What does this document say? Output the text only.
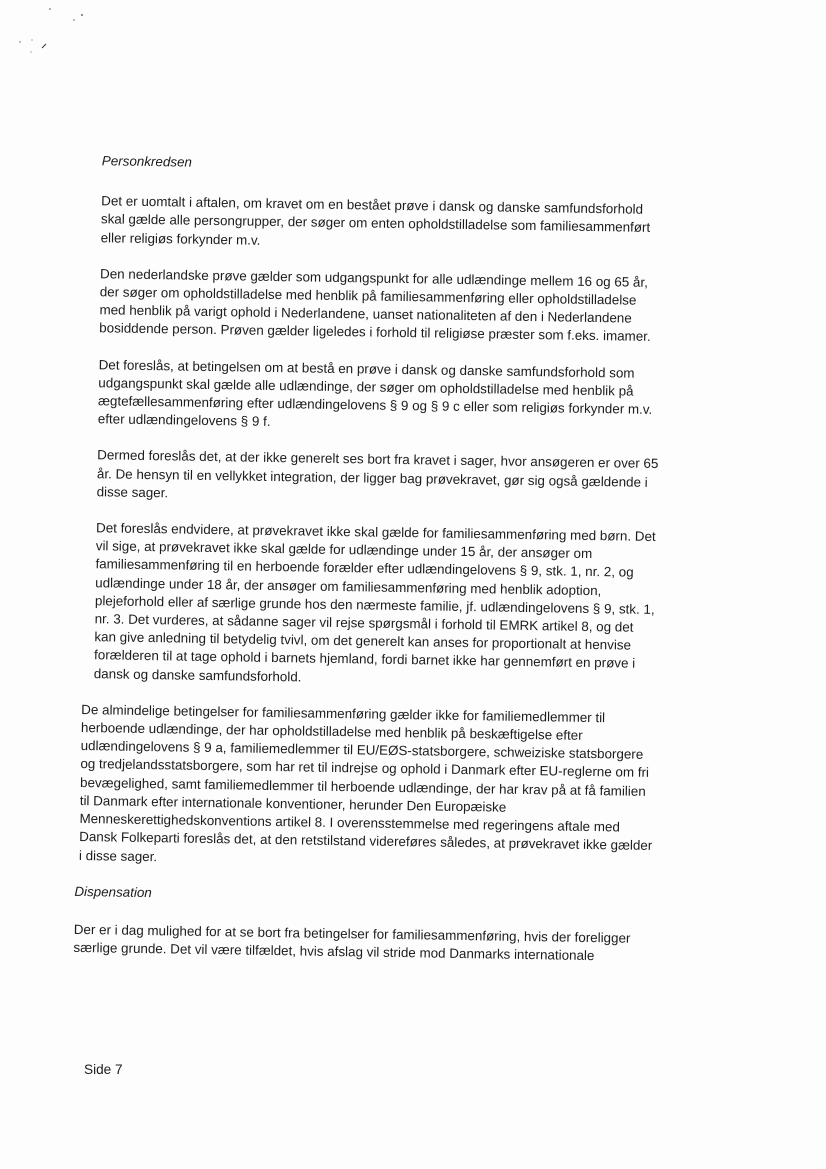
Personkredsen
Det er uomtalt i aftalen, om kravet om en bestået prøve i dansk og danske samfundsforhold skal gælde alle persongrupper, der søger om enten opholdstilladelse som familiesammenført eller religiøs forkynder m.v.
Den nederlandske prøve gælder som udgangspunkt for alle udlændinge mellem 16 og 65 år, der søger om opholdstilladelse med henblik på familiesammenføring eller opholdstilladelse med henblik på varigt ophold i Nederlandene, uanset nationaliteten af den i Nederlandene bosiddende person. Prøven gælder ligeledes i forhold til religiøse præster som f.eks. imamer.
Det foreslås, at betingelsen om at bestå en prøve i dansk og danske samfundsforhold som udgangspunkt skal gælde alle udlændinge, der søger om opholdstilladelse med henblik på ægtefællesammenføring efter udlændingelovens § 9 og § 9 c eller som religiøs forkynder m.v. efter udlændingelovens § 9 f.
Dermed foreslås det, at der ikke generelt ses bort fra kravet i sager, hvor ansøgeren er over 65 år. De hensyn til en vellykket integration, der ligger bag prøvekravet, gør sig også gældende i disse sager.
Det foreslås endvidere, at prøvekravet ikke skal gælde for familiesammenføring med børn. Det vil sige, at prøvekravet ikke skal gælde for udlændinge under 15 år, der ansøger om familiesammenføring til en herboende forælder efter udlændingelovens § 9, stk. 1, nr. 2, og udlændinge under 18 år, der ansøger om familiesammenføring med henblik adoption, plejeforhold eller af særlige grunde hos den nærmeste familie, jf. udlændingelovens § 9, stk. 1, nr. 3. Det vurderes, at sådanne sager vil rejse spørgsmål i forhold til EMRK artikel 8, og det kan give anledning til betydelig tvivl, om det generelt kan anses for proportionalt at henvise forælderen til at tage ophold i barnets hjemland, fordi barnet ikke har gennemført en prøve i dansk og danske samfundsforhold.
De almindelige betingelser for familiesammenføring gælder ikke for familiemedlemmer til herboende udlændinge, der har opholdstilladelse med henblik på beskæftigelse efter udlændingelovens § 9 a, familiemedlemmer til EU/EØS-statsborgere, schweiziske statsborgere og tredjelandsstatsborgere, som har ret til indrejse og ophold i Danmark efter EU-reglerne om fri bevægelighed, samt familiemedlemmer til herboende udlændinge, der har krav på at få familien til Danmark efter internationale konventioner, herunder Den Europæiske Menneskerettighedskonventions artikel 8. I overensstemmelse med regeringens aftale med Dansk Folkeparti foreslås det, at den retstilstand videreføres således, at prøvekravet ikke gælder i disse sager.
Dispensation
Der er i dag mulighed for at se bort fra betingelser for familiesammenføring, hvis der foreligger særlige grunde. Det vil være tilfældet, hvis afslag vil stride mod Danmarks internationale
Side 7
